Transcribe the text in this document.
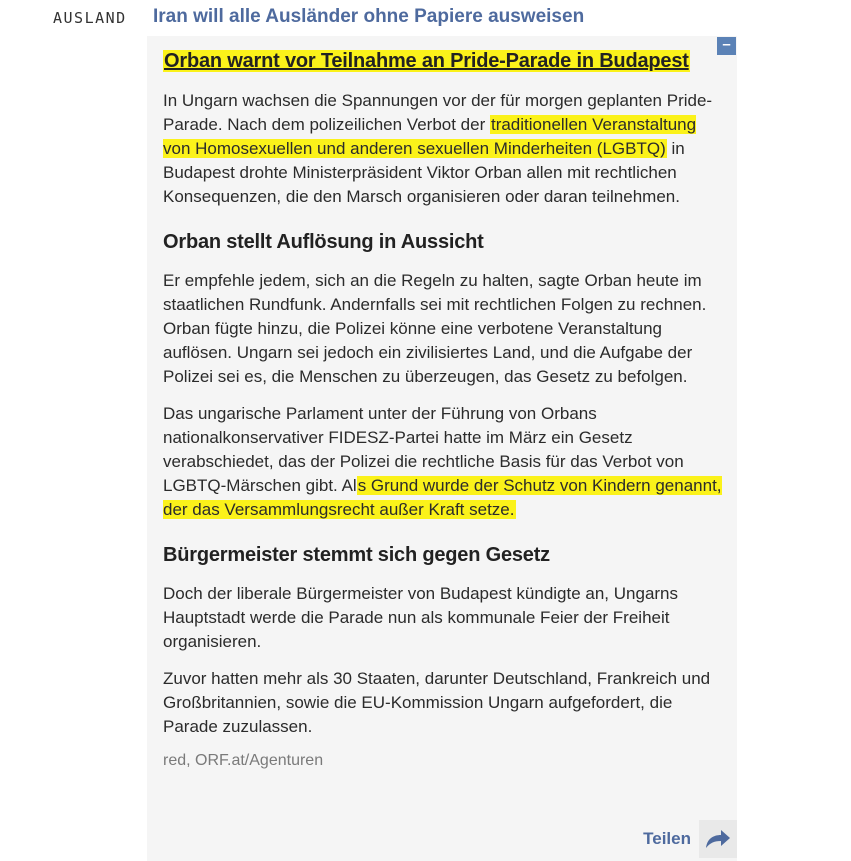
AUSLAND Iran will alle Ausländer ohne Papiere ausweisen
–
Orban warnt vor Teilnahme an Pride-Parade in Budapest

In Ungarn wachsen die Spannungen vor der für morgen geplanten Pride-Parade. Nach dem polizeilichen Verbot der traditionellen Veranstaltung von Homosexuellen und anderen sexuellen Minderheiten (LGBTQ) in Budapest drohte Ministerpräsident Viktor Orban allen mit rechtlichen Konsequenzen, die den Marsch organisieren oder daran teilnehmen.

Orban stellt Auflösung in Aussicht

Er empfehle jedem, sich an die Regeln zu halten, sagte Orban heute im staatlichen Rundfunk. Andernfalls sei mit rechtlichen Folgen zu rechnen. Orban fügte hinzu, die Polizei könne eine verbotene Veranstaltung auflösen. Ungarn sei jedoch ein zivilisiertes Land, und die Aufgabe der Polizei sei es, die Menschen zu überzeugen, das Gesetz zu befolgen.

Das ungarische Parlament unter der Führung von Orbans nationalkonservativer FIDESZ-Partei hatte im März ein Gesetz verabschiedet, das der Polizei die rechtliche Basis für das Verbot von LGBTQ-Märschen gibt. Als Grund wurde der Schutz von Kindern genannt, der das Versammlungsrecht außer Kraft setze.

Bürgermeister stemmt sich gegen Gesetz

Doch der liberale Bürgermeister von Budapest kündigte an, Ungarns Hauptstadt werde die Parade nun als kommunale Feier der Freiheit organisieren.

Zuvor hatten mehr als 30 Staaten, darunter Deutschland, Frankreich und Großbritannien, sowie die EU-Kommission Ungarn aufgefordert, die Parade zuzulassen.

red, ORF.at/Agenturen
Teilen
